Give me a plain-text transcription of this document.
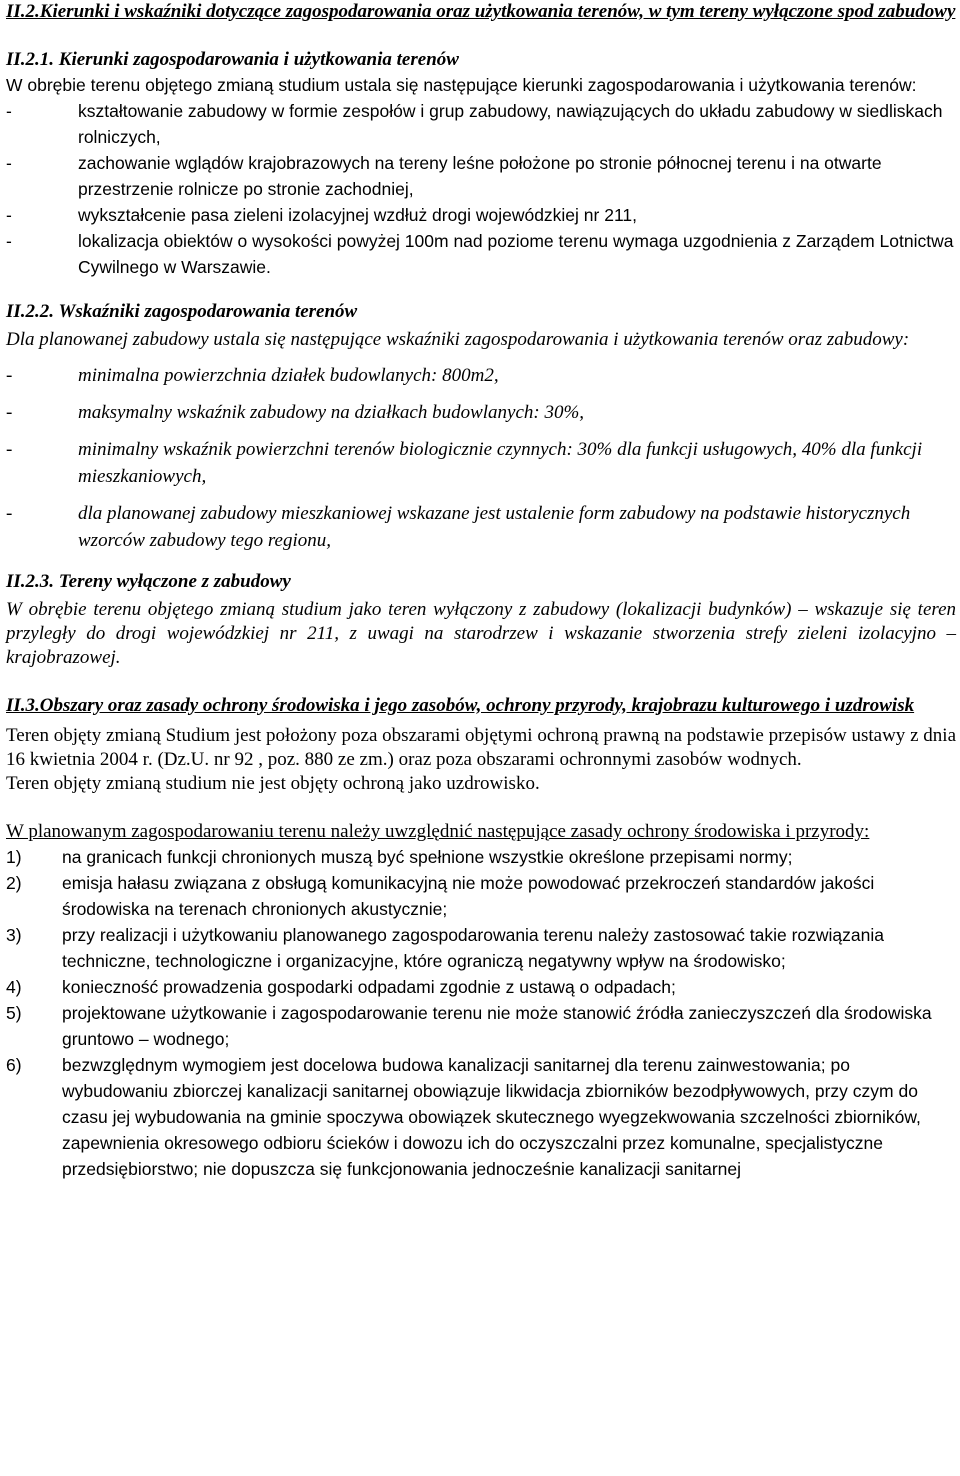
II.2.Kierunki i wskaźniki dotyczące zagospodarowania oraz użytkowania terenów, w tym tereny wyłączone spod zabudowy
II.2.1. Kierunki zagospodarowania i użytkowania terenów
W obrębie terenu objętego zmianą studium ustala się następujące kierunki zagospodarowania i użytkowania terenów:
-	kształtowanie zabudowy w formie zespołów i grup zabudowy, nawiązujących do układu zabudowy w siedliskach rolniczych,
-	zachowanie wglądów krajobrazowych na tereny leśne położone po stronie północnej terenu i na otwarte przestrzenie rolnicze po stronie zachodniej,
-	wykształcenie pasa zieleni izolacyjnej wzdłuż drogi wojewódzkiej nr 211,
-	lokalizacja obiektów o wysokości powyżej 100m nad poziome terenu wymaga uzgodnienia z Zarządem Lotnictwa Cywilnego w Warszawie.
II.2.2. Wskaźniki zagospodarowania terenów
Dla planowanej zabudowy ustala się następujące wskaźniki zagospodarowania i użytkowania terenów oraz zabudowy:
-	minimalna powierzchnia działek budowlanych: 800m2,
-	maksymalny wskaźnik zabudowy na działkach budowlanych: 30%,
-	minimalny wskaźnik powierzchni terenów biologicznie czynnych: 30% dla funkcji usługowych, 40% dla funkcji mieszkaniowych,
-	dla planowanej zabudowy mieszkaniowej wskazane jest ustalenie form zabudowy na podstawie historycznych wzorców zabudowy tego regionu,
II.2.3. Tereny wyłączone z zabudowy
W obrębie terenu objętego zmianą studium jako teren wyłączony z zabudowy (lokalizacji budynków) – wskazuje się teren przyległy do drogi wojewódzkiej nr 211, z uwagi na starodrzew i wskazanie stworzenia strefy zieleni izolacyjno – krajobrazowej.
II.3.Obszary oraz zasady ochrony środowiska i jego zasobów, ochrony przyrody, krajobrazu kulturowego i uzdrowisk
Teren objęty zmianą Studium jest położony poza obszarami objętymi ochroną prawną na podstawie przepisów ustawy z dnia 16 kwietnia 2004 r. (Dz.U. nr 92 , poz. 880 ze zm.) oraz poza obszarami ochronnymi zasobów wodnych.
Teren objęty zmianą studium nie jest objęty ochroną jako uzdrowisko.
W planowanym zagospodarowaniu terenu należy uwzględnić następujące zasady ochrony środowiska i przyrody:
1)	na granicach funkcji chronionych muszą być spełnione wszystkie określone przepisami normy;
2)	emisja hałasu związana z obsługą komunikacyjną nie może powodować przekroczeń standardów jakości środowiska na terenach chronionych akustycznie;
3)	przy realizacji i użytkowaniu planowanego zagospodarowania terenu należy zastosować takie rozwiązania techniczne, technologiczne i organizacyjne, które ograniczą negatywny wpływ na środowisko;
4)	konieczność prowadzenia gospodarki odpadami zgodnie z ustawą o odpadach;
5)	projektowane użytkowanie i zagospodarowanie terenu nie może stanowić źródła zanieczyszczeń dla środowiska gruntowo – wodnego;
6)	bezwzględnym wymogiem jest docelowa budowa kanalizacji sanitarnej dla terenu zainwestowania; po wybudowaniu zbiorczej kanalizacji sanitarnej obowiązuje likwidacja zbiorników bezodpływowych, przy czym do czasu jej wybudowania na gminie spoczywa obowiązek skutecznego wyegzekwowania szczelności zbiorników, zapewnienia okresowego odbioru ścieków i dowozu ich do oczyszczalni przez komunalne, specjalistyczne przedsiębiorstwo; nie dopuszcza się funkcjonowania jednocześnie kanalizacji sanitarnej
